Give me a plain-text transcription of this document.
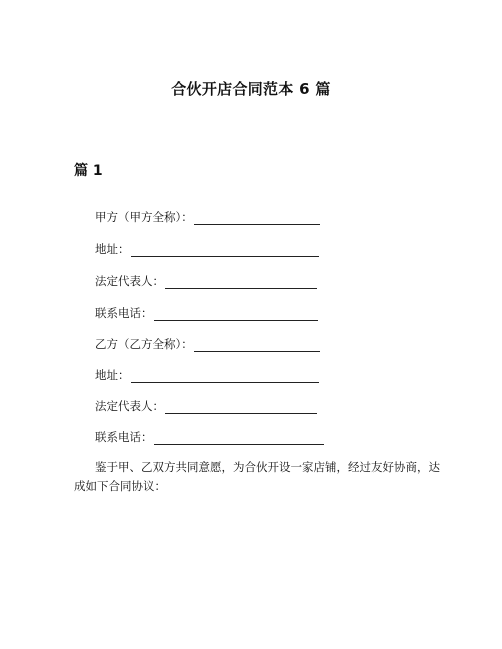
合伙开店合同范本 6 篇
篇 1
甲方（甲方全称）：
地址：
法定代表人：
联系电话：
乙方（乙方全称）：
地址：
法定代表人：
联系电话：
鉴于甲、乙双方共同意愿，为合伙开设一家店铺，经过友好协商，达成如下合同协议：
